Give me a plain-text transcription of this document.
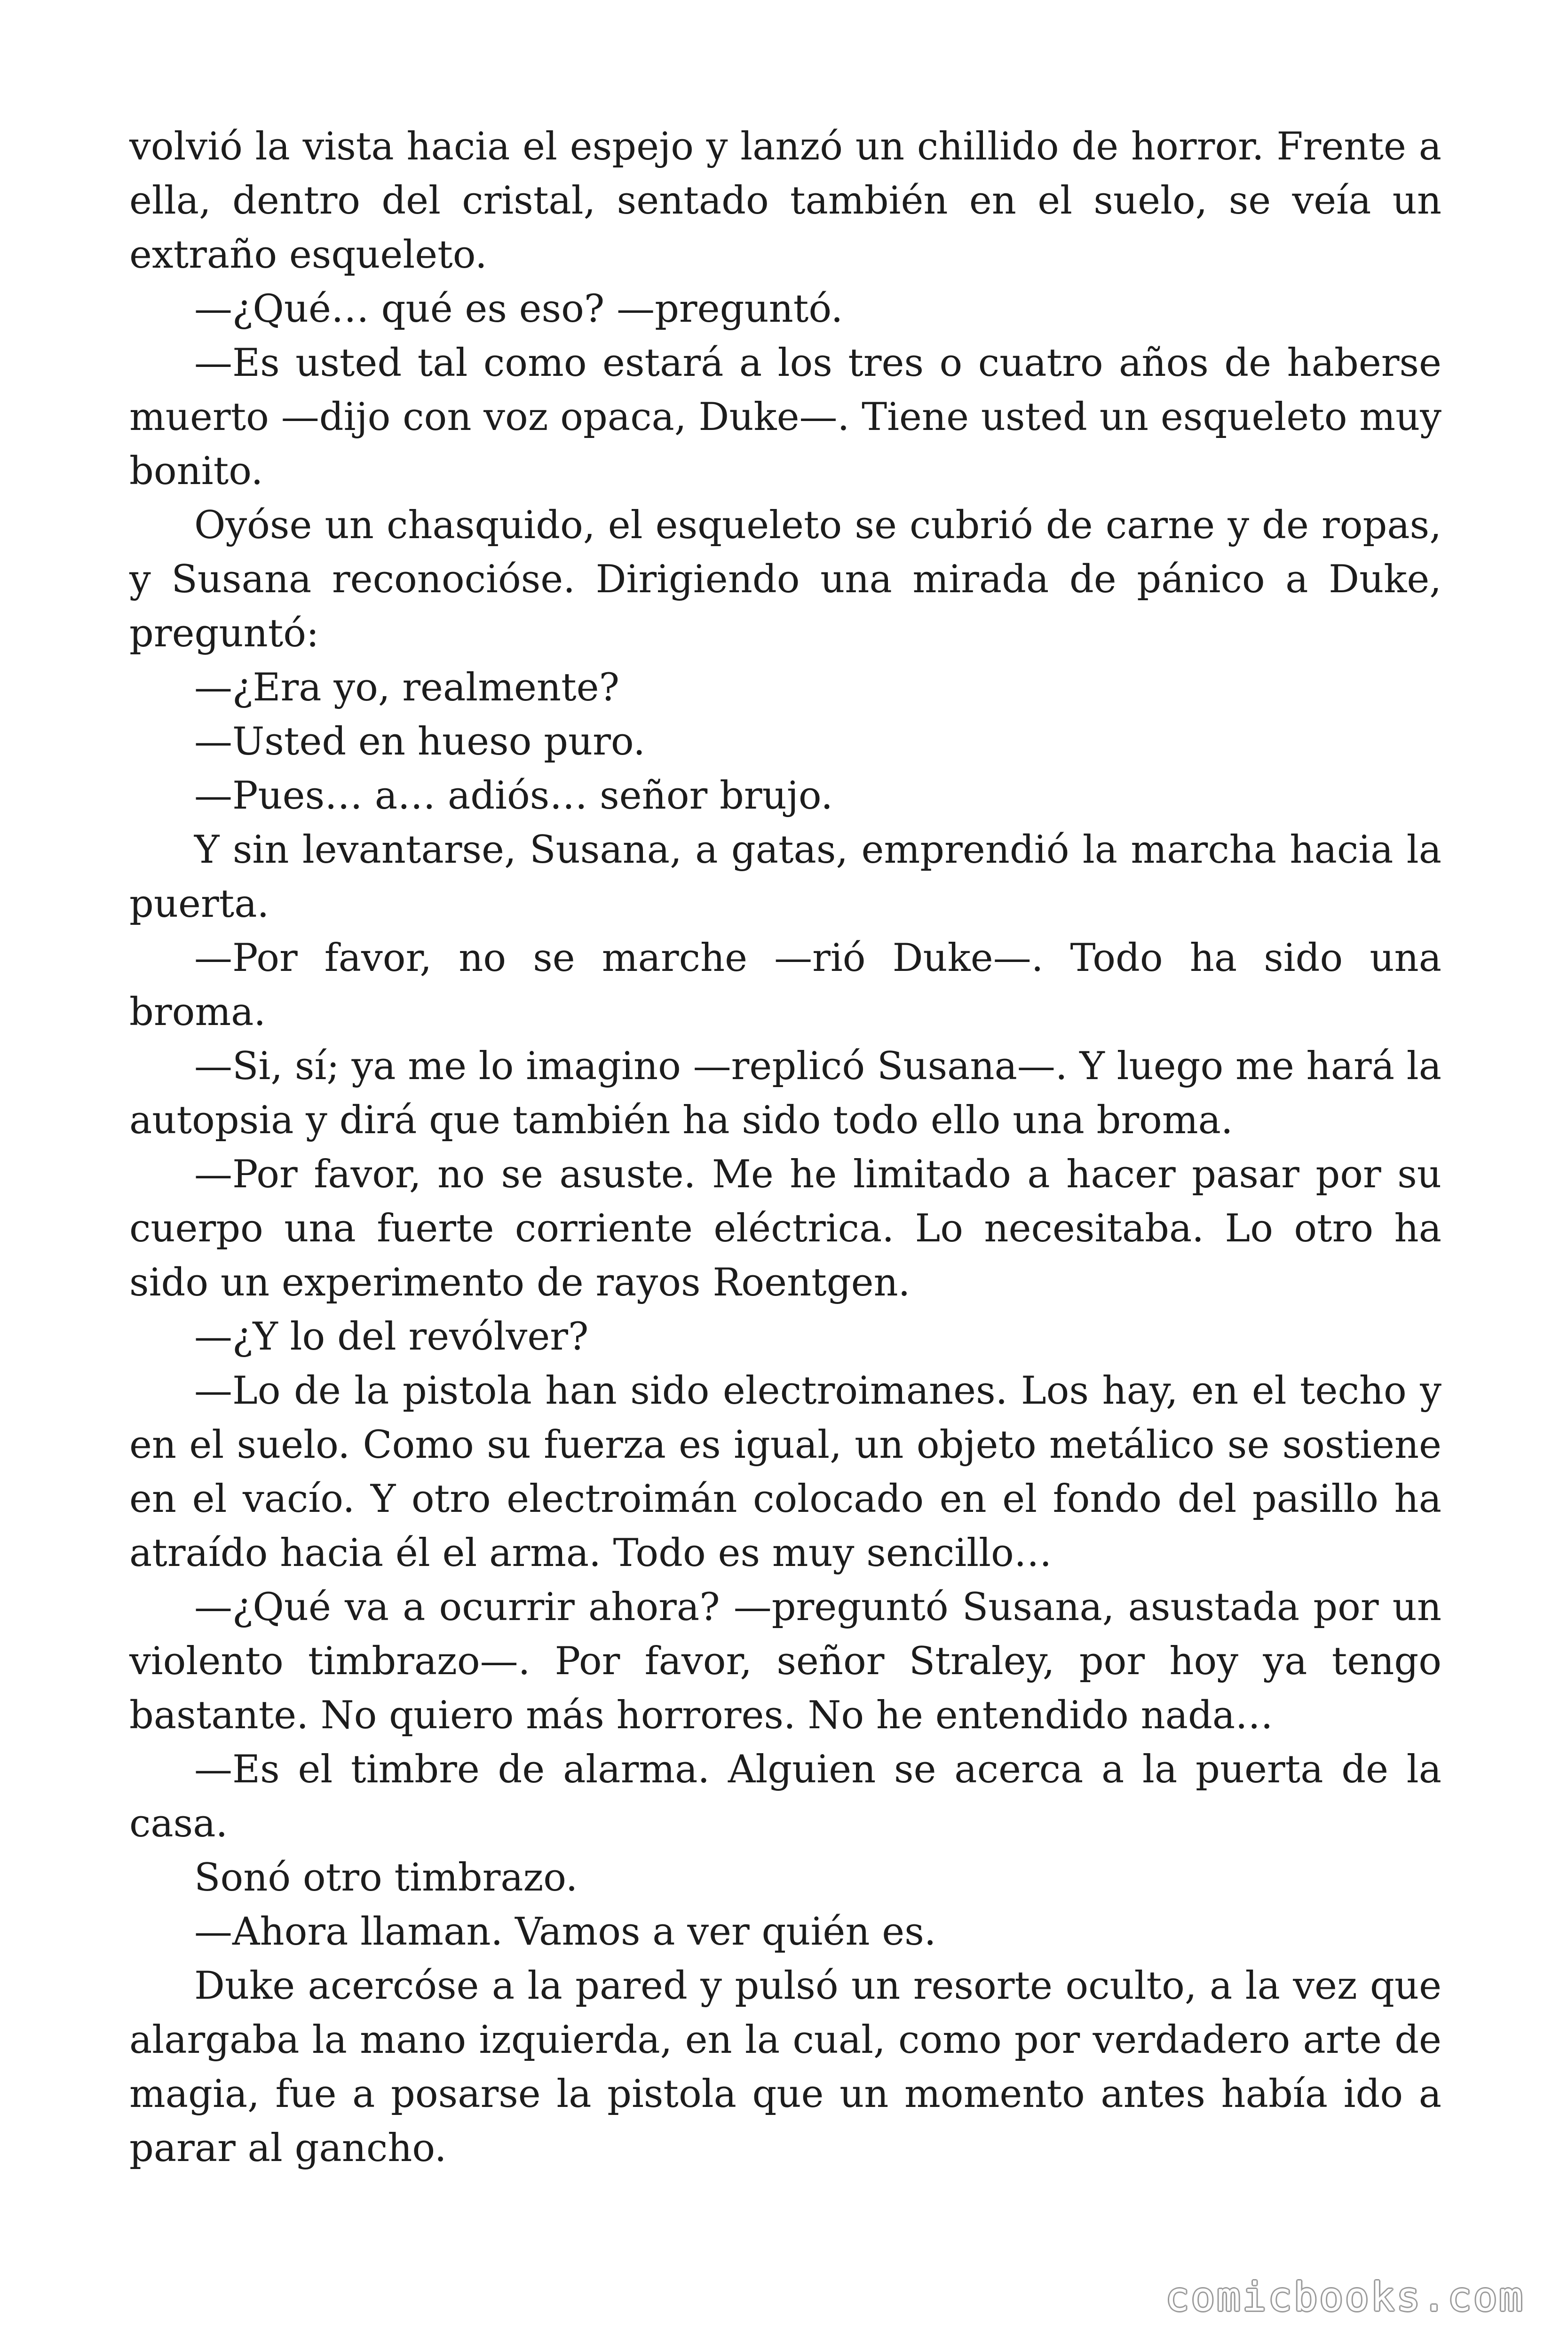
volvió la vista hacia el espejo y lanzó un chillido de horror. Frente a ella, dentro del cristal, sentado también en el suelo, se veía un extraño esqueleto.

—¿Qué… qué es eso? —preguntó.

—Es usted tal como estará a los tres o cuatro años de haberse muerto —dijo con voz opaca, Duke—. Tiene usted un esqueleto muy bonito.

Oyóse un chasquido, el esqueleto se cubrió de carne y de ropas, y Susana reconocióse. Dirigiendo una mirada de pánico a Duke, preguntó:

—¿Era yo, realmente?

—Usted en hueso puro.

—Pues… a… adiós… señor brujo.

Y sin levantarse, Susana, a gatas, emprendió la marcha hacia la puerta.

—Por favor, no se marche —rió Duke—. Todo ha sido una broma.

—Si, sí; ya me lo imagino —replicó Susana—. Y luego me hará la autopsia y dirá que también ha sido todo ello una broma.

—Por favor, no se asuste. Me he limitado a hacer pasar por su cuerpo una fuerte corriente eléctrica. Lo necesitaba. Lo otro ha sido un experimento de rayos Roentgen.

—¿Y lo del revólver?

—Lo de la pistola han sido electroimanes. Los hay, en el techo y en el suelo. Como su fuerza es igual, un objeto metálico se sostiene en el vacío. Y otro electroimán colocado en el fondo del pasillo ha atraído hacia él el arma. Todo es muy sencillo…

—¿Qué va a ocurrir ahora? —preguntó Susana, asustada por un violento timbrazo—. Por favor, señor Straley, por hoy ya tengo bastante. No quiero más horrores. No he entendido nada…

—Es el timbre de alarma. Alguien se acerca a la puerta de la casa.

Sonó otro timbrazo.

—Ahora llaman. Vamos a ver quién es.

Duke acercóse a la pared y pulsó un resorte oculto, a la vez que alargaba la mano izquierda, en la cual, como por verdadero arte de magia, fue a posarse la pistola que un momento antes había ido a parar al gancho.

comicbooks.com
